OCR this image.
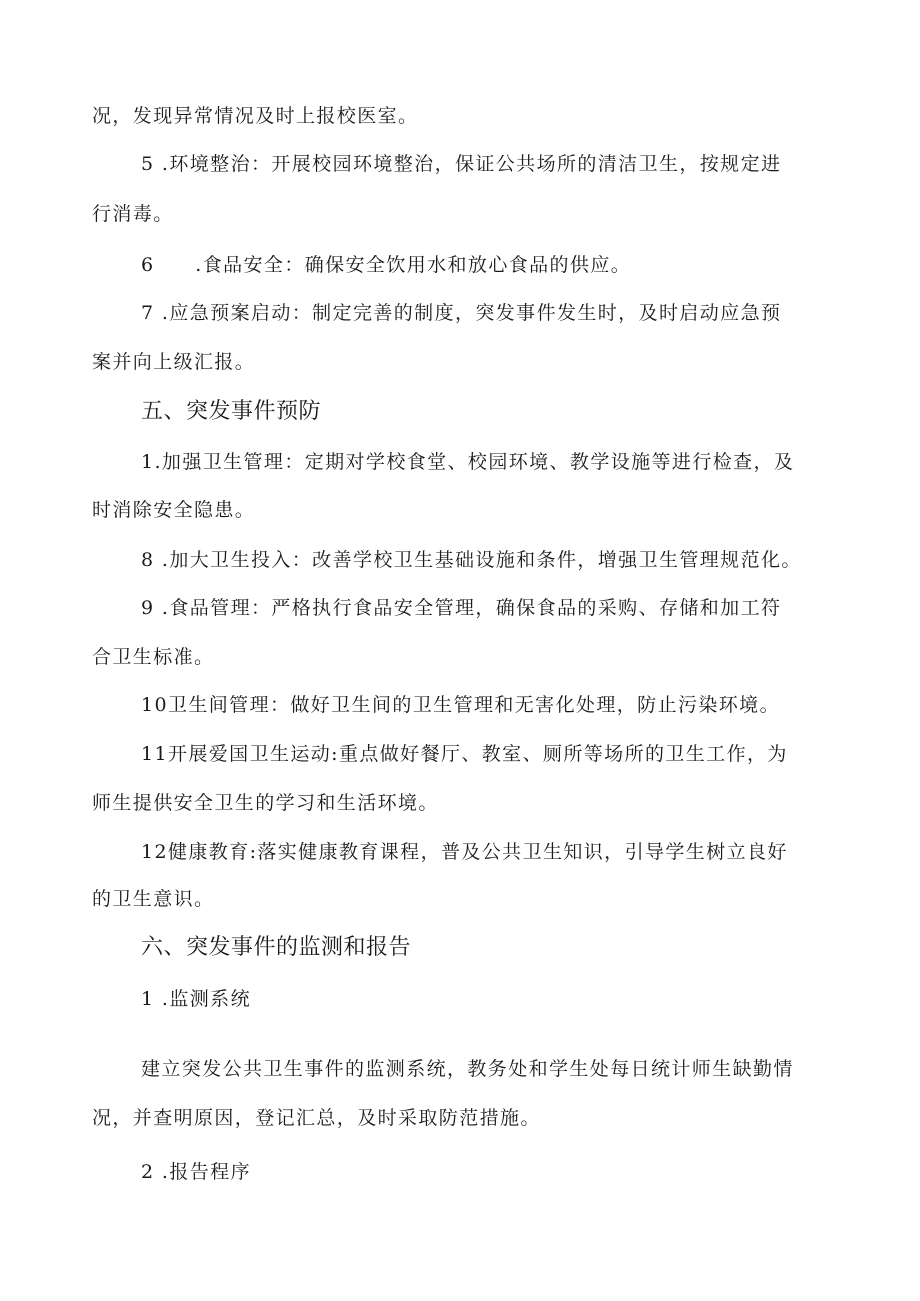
况，发现异常情况及时上报校医室。
5 .环境整治：开展校园环境整治，保证公共场所的清洁卫生，按规定进
行消毒。
6　　.食品安全：确保安全饮用水和放心食品的供应。
7 .应急预案启动：制定完善的制度，突发事件发生时，及时启动应急预
案并向上级汇报。
五、突发事件预防
1.加强卫生管理：定期对学校食堂、校园环境、教学设施等进行检查，及
时消除安全隐患。
8 .加大卫生投入：改善学校卫生基础设施和条件，增强卫生管理规范化。
9 .食品管理：严格执行食品安全管理，确保食品的采购、存储和加工符
合卫生标准。
10卫生间管理：做好卫生间的卫生管理和无害化处理，防止污染环境。
11开展爱国卫生运动:重点做好餐厅、教室、厕所等场所的卫生工作，为
师生提供安全卫生的学习和生活环境。
12健康教育:落实健康教育课程，普及公共卫生知识，引导学生树立良好
的卫生意识。
六、突发事件的监测和报告
1 .监测系统
建立突发公共卫生事件的监测系统，教务处和学生处每日统计师生缺勤情
况，并查明原因，登记汇总，及时采取防范措施。
2 .报告程序
